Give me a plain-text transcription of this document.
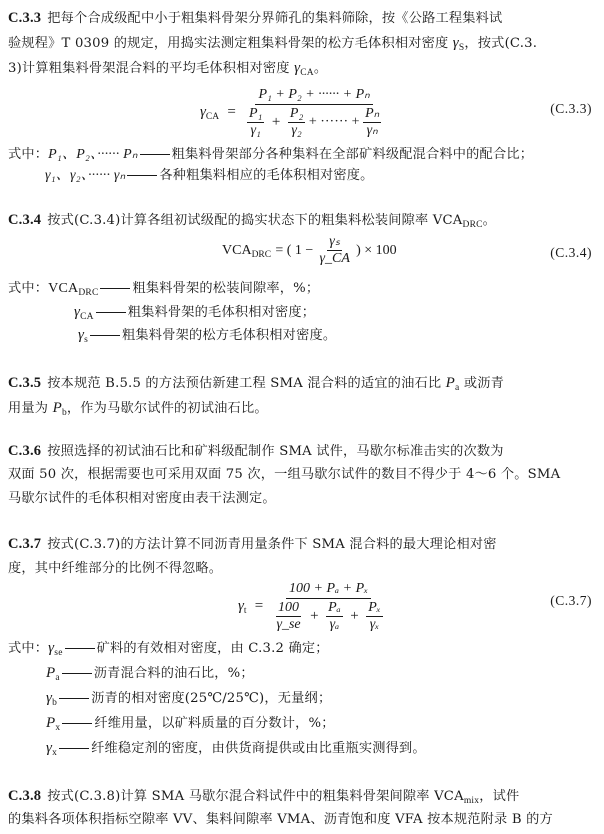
C.3.3 把每个合成级配中小于粗集料骨架分界筛孔的集料筛除，按《公路工程集料试
验规程》T 0309 的规定，用捣实法测定粗集料骨架的松方毛体积相对密度 $\gamma_S$，按式(C.3.
3)计算粗集料骨架混合料的平均毛体积相对密度 $\gamma_{CA}$。
$\gamma_{CA} = \frac{\text{P₁ + P₂ + ······ + Pₙ}}{\frac{\text{P₁}}{\text{γ₁}} + \frac{\text{P₂}}{\text{γ₂}} + \cdot\cdot\cdot\cdot\cdot\cdot + \frac{\text{Pₙ}}{\text{γₙ}}}$	(C.3.3)
式中：P₁、P₂、······ Pₙ	粗集料骨架部分各种集料在全部矿料级配混合料中的配合比；
γ₁、γ₂、······ γₙ	各种粗集料相应的毛体积相对密度。
C.3.4 按式(C.3.4)计算各组初试级配的捣实状态下的粗集料松装间隙率 $VCA_{DRC}$。
$VCA_{DRC}$ = ( $1 - \frac{\text{γₛ}}{\gamma\_CA}$ ) × 100	(C.3.4)
式中：$VCA_{DRC}$	粗集料骨架的松装间隙率，%；
$\gamma_{CA}$	粗集料骨架的毛体积相对密度；
$\gamma_s$	粗集料骨架的松方毛体积相对密度。
C.3.5 按本规范 B.5.5 的方法预估新建工程 SMA 混合料的适宜的油石比 $P_a$ 或沥青
用量为 $P_b$，作为马歇尔试件的初试油石比。
C.3.6 按照选择的初试油石比和矿料级配制作 SMA 试件，马歇尔标准击实的次数为
双面 50 次，根据需要也可采用双面 75 次，一组马歇尔试件的数目不得少于 4～6 个。SMA
马歇尔试件的毛体积相对密度由表干法测定。
C.3.7 按式(C.3.7)的方法计算不同沥青用量条件下 SMA 混合料的最大理论相对密
度，其中纤维部分的比例不得忽略。
$\gamma_t = \frac{\text{100 + Pₐ + Pₓ}}{\frac{100}{\gamma\_se} + \frac{\text{Pₐ}}{\text{γₐ}} + \frac{\text{Pₓ}}{\text{γₓ}}}$	(C.3.7)
式中：$\gamma_{se}$	矿料的有效相对密度，由 C.3.2 确定；
$P_a$	沥青混合料的油石比，%；
$\gamma_b$	沥青的相对密度(25℃/25℃)，无量纲；
$P_x$	纤维用量，以矿料质量的百分数计，%；
$\gamma_x$	纤维稳定剂的密度，由供货商提供或由比重瓶实测得到。
C.3.8 按式(C.3.8)计算 SMA 马歇尔混合料试件中的粗集料骨架间隙率 $VCA_{mix}$，试件
的集料各项体积指标空隙率 VV、集料间隙率 VMA、沥青饱和度 VFA 按本规范附录 B 的方
